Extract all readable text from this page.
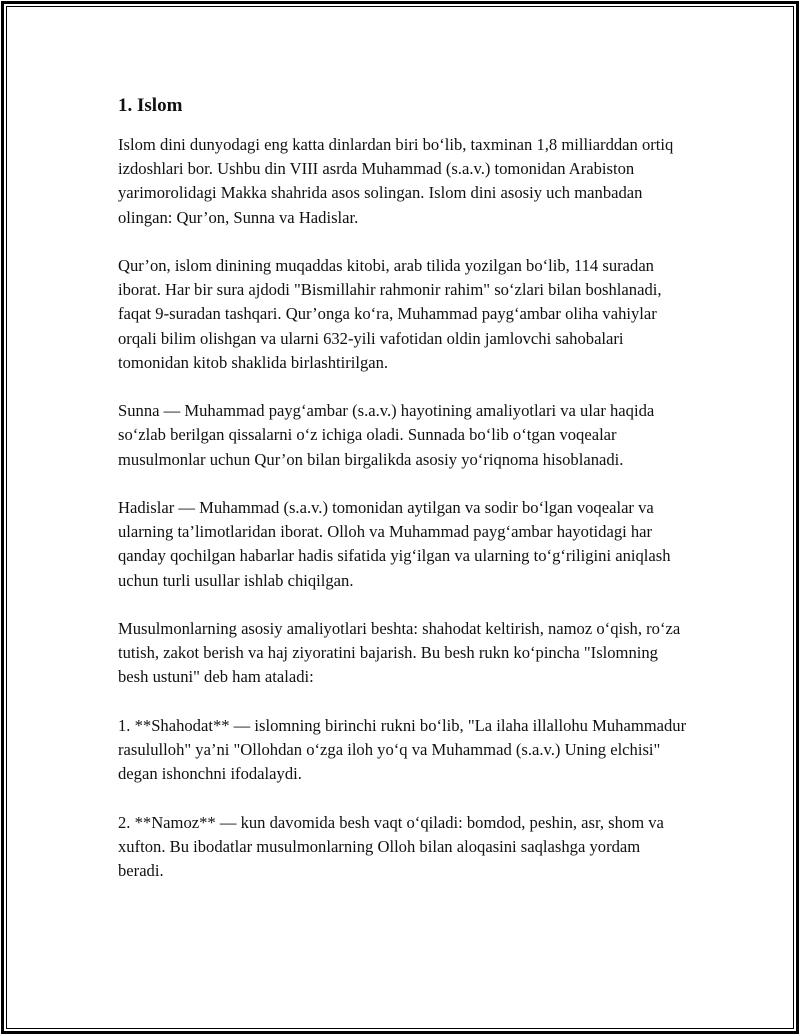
1. Islom

Islom dini dunyodagi eng katta dinlardan biri bo‘lib, taxminan 1,8 milliarddan ortiq izdoshlari bor. Ushbu din VIII asrda Muhammad (s.a.v.) tomonidan Arabiston yarimorolidagi Makka shahrida asos solingan. Islom dini asosiy uch manbadan olingan: Qur’on, Sunna va Hadislar.

Qur’on, islom dinining muqaddas kitobi, arab tilida yozilgan bo‘lib, 114 suradan iborat. Har bir sura ajdodi "Bismillahir rahmonir rahim" so‘zlari bilan boshlanadi, faqat 9-suradan tashqari. Qur’onga ko‘ra, Muhammad payg‘ambar oliha vahiylar orqali bilim olishgan va ularni 632-yili vafotidan oldin jamlovchi sahobalari tomonidan kitob shaklida birlashtirilgan.

Sunna — Muhammad payg‘ambar (s.a.v.) hayotining amaliyotlari va ular haqida so‘zlab berilgan qissalarni o‘z ichiga oladi. Sunnada bo‘lib o‘tgan voqealar musulmonlar uchun Qur’on bilan birgalikda asosiy yo‘riqnoma hisoblanadi.

Hadislar — Muhammad (s.a.v.) tomonidan aytilgan va sodir bo‘lgan voqealar va ularning ta’limotlaridan iborat. Olloh va Muhammad payg‘ambar hayotidagi har qanday qochilgan habarlar hadis sifatida yig‘ilgan va ularning to‘g‘riligini aniqlash uchun turli usullar ishlab chiqilgan.

Musulmonlarning asosiy amaliyotlari beshta: shahodat keltirish, namoz o‘qish, ro‘za tutish, zakot berish va haj ziyoratini bajarish. Bu besh rukn ko‘pincha "Islomning besh ustuni" deb ham ataladi:

1. **Shahodat** — islomning birinchi rukni bo‘lib, "La ilaha illallohu Muhammadur rasululloh" ya’ni "Ollohdan o‘zga iloh yo‘q va Muhammad (s.a.v.) Uning elchisi" degan ishonchni ifodalaydi.

2. **Namoz** — kun davomida besh vaqt o‘qiladi: bomdod, peshin, asr, shom va xufton. Bu ibodatlar musulmonlarning Olloh bilan aloqasini saqlashga yordam beradi.
